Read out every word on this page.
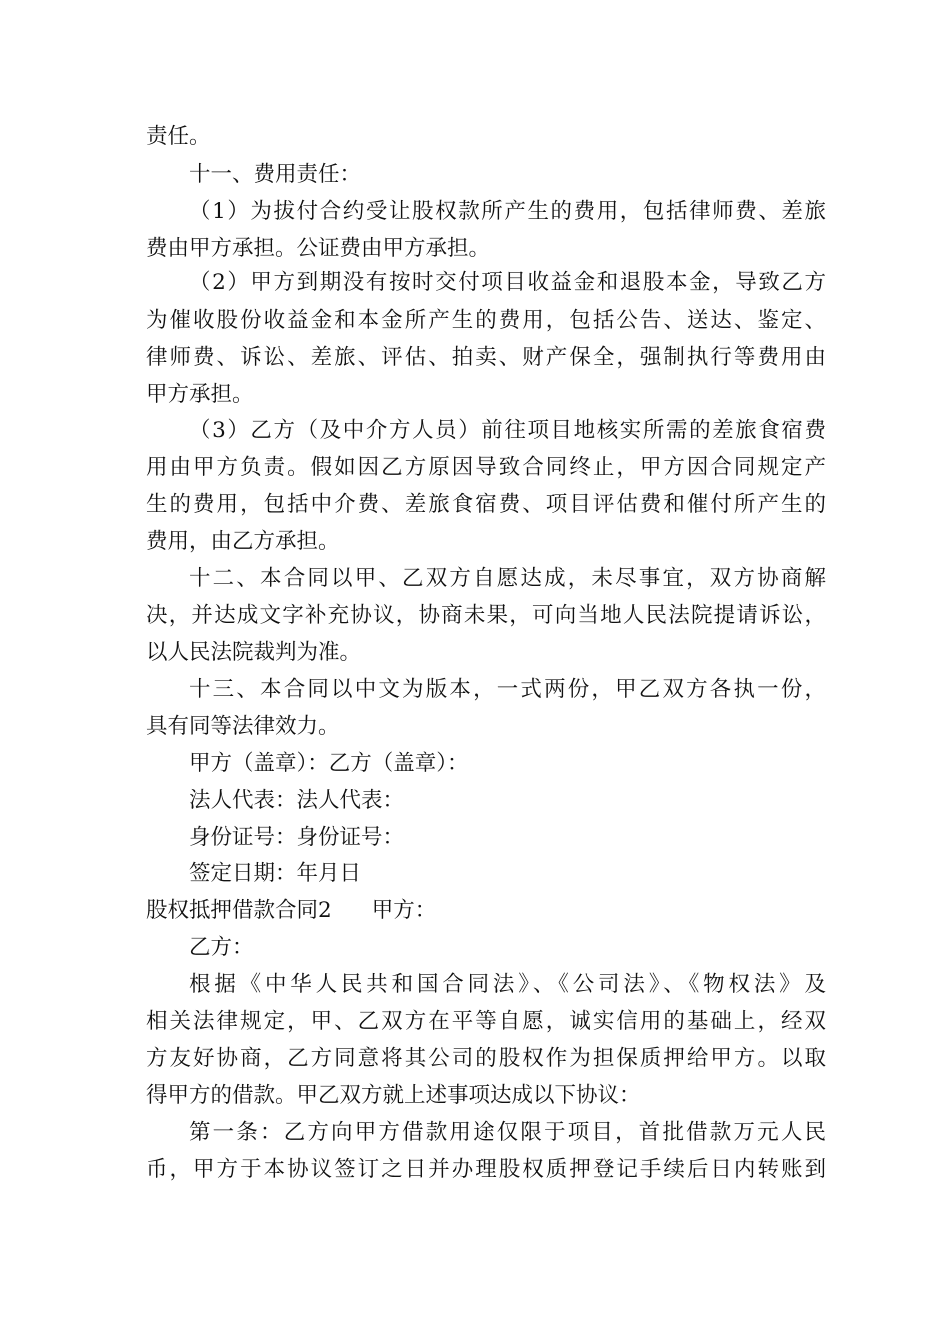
责任。
十一、费用责任：
（1）为拔付合约受让股权款所产生的费用，包括律师费、差旅
费由甲方承担。公证费由甲方承担。
（2）甲方到期没有按时交付项目收益金和退股本金，导致乙方
为催收股份收益金和本金所产生的费用，包括公告、送达、鉴定、
律师费、诉讼、差旅、评估、拍卖、财产保全，强制执行等费用由
甲方承担。
（3）乙方（及中介方人员）前往项目地核实所需的差旅食宿费
用由甲方负责。假如因乙方原因导致合同终止，甲方因合同规定产
生的费用，包括中介费、差旅食宿费、项目评估费和催付所产生的
费用，由乙方承担。
十二、本合同以甲、乙双方自愿达成，未尽事宜，双方协商解
决，并达成文字补充协议，协商未果，可向当地人民法院提请诉讼，
以人民法院裁判为准。
十三、本合同以中文为版本，一式两份，甲乙双方各执一份，
具有同等法律效力。
甲方（盖章）：乙方（盖章）：
法人代表：法人代表：
身份证号：身份证号：
签定日期：年月日
股权抵押借款合同2 甲方：
乙方：
根据《中华人民共和国合同法》、《公司法》、《物权法》及
相关法律规定，甲、乙双方在平等自愿，诚实信用的基础上，经双
方友好协商，乙方同意将其公司的股权作为担保质押给甲方。以取
得甲方的借款。甲乙双方就上述事项达成以下协议：
第一条：乙方向甲方借款用途仅限于项目，首批借款万元人民
币，甲方于本协议签订之日并办理股权质押登记手续后日内转账到
